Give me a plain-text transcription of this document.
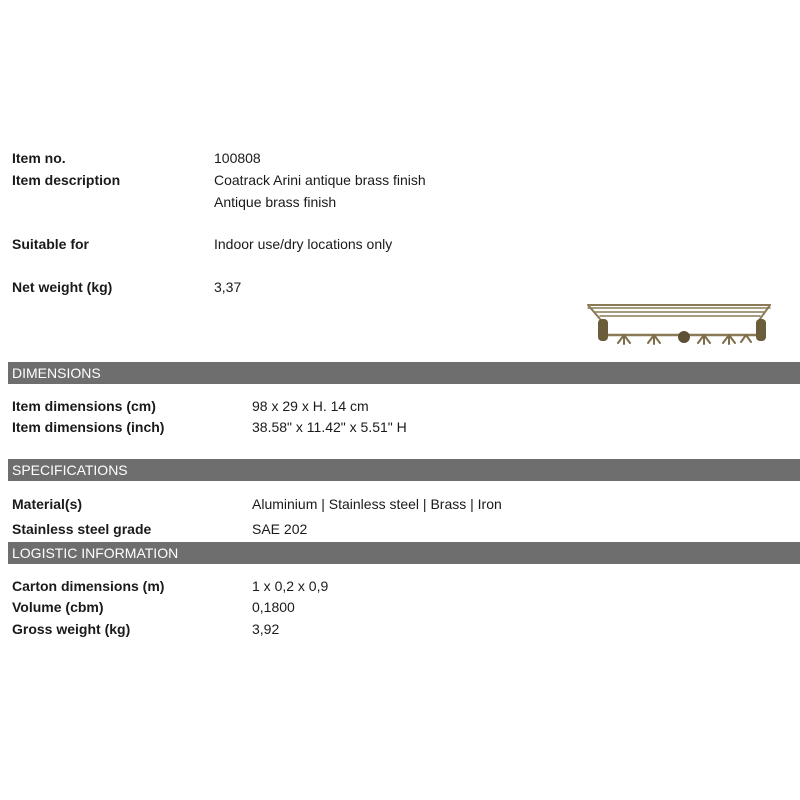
Item no.	100808
Item description	Coatrack Arini antique brass finish
Antique brass finish
Suitable for	Indoor use/dry locations only
Net weight (kg)	3,37
DIMENSIONS
Item dimensions (cm)	98 x 29 x H. 14 cm
Item dimensions (inch)	38.58" x 11.42" x 5.51" H
SPECIFICATIONS
Material(s)	Aluminium | Stainless steel | Brass | Iron
Stainless steel grade	SAE 202
LOGISTIC INFORMATION
Carton dimensions (m)	1 x 0,2 x 0,9
Volume (cbm)	0,1800
Gross weight (kg)	3,92
